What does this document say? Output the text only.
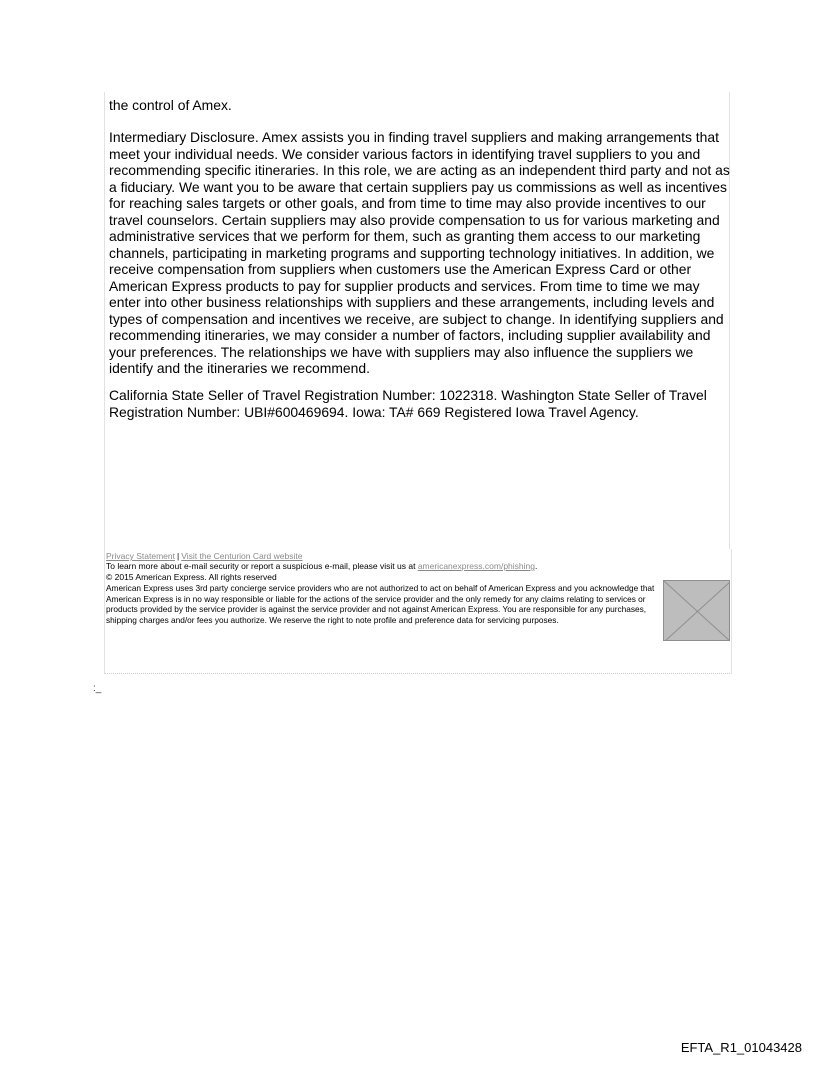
the control of Amex.

Intermediary Disclosure. Amex assists you in finding travel suppliers and making arrangements that meet your individual needs. We consider various factors in identifying travel suppliers to you and recommending specific itineraries. In this role, we are acting as an independent third party and not as a fiduciary. We want you to be aware that certain suppliers pay us commissions as well as incentives for reaching sales targets or other goals, and from time to time may also provide incentives to our travel counselors. Certain suppliers may also provide compensation to us for various marketing and administrative services that we perform for them, such as granting them access to our marketing channels, participating in marketing programs and supporting technology initiatives. In addition, we receive compensation from suppliers when customers use the American Express Card or other American Express products to pay for supplier products and services. From time to time we may enter into other business relationships with suppliers and these arrangements, including levels and types of compensation and incentives we receive, are subject to change. In identifying suppliers and recommending itineraries, we may consider a number of factors, including supplier availability and your preferences. The relationships we have with suppliers may also influence the suppliers we identify and the itineraries we recommend.

California State Seller of Travel Registration Number: 1022318. Washington State Seller of Travel Registration Number: UBI#600469694. Iowa: TA# 669 Registered Iowa Travel Agency.

Privacy Statement | Visit the Centurion Card website
To learn more about e-mail security or report a suspicious e-mail, please visit us at americanexpress.com/phishing.
© 2015 American Express. All rights reserved
American Express uses 3rd party concierge service providers who are not authorized to act on behalf of American Express and you acknowledge that American Express is in no way responsible or liable for the actions of the service provider and the only remedy for any claims relating to services or products provided by the service provider is against the service provider and not against American Express. You are responsible for any purchases, shipping charges and/or fees you authorize. We reserve the right to note profile and preference data for servicing purposes.
:_
EFTA_R1_01043428
